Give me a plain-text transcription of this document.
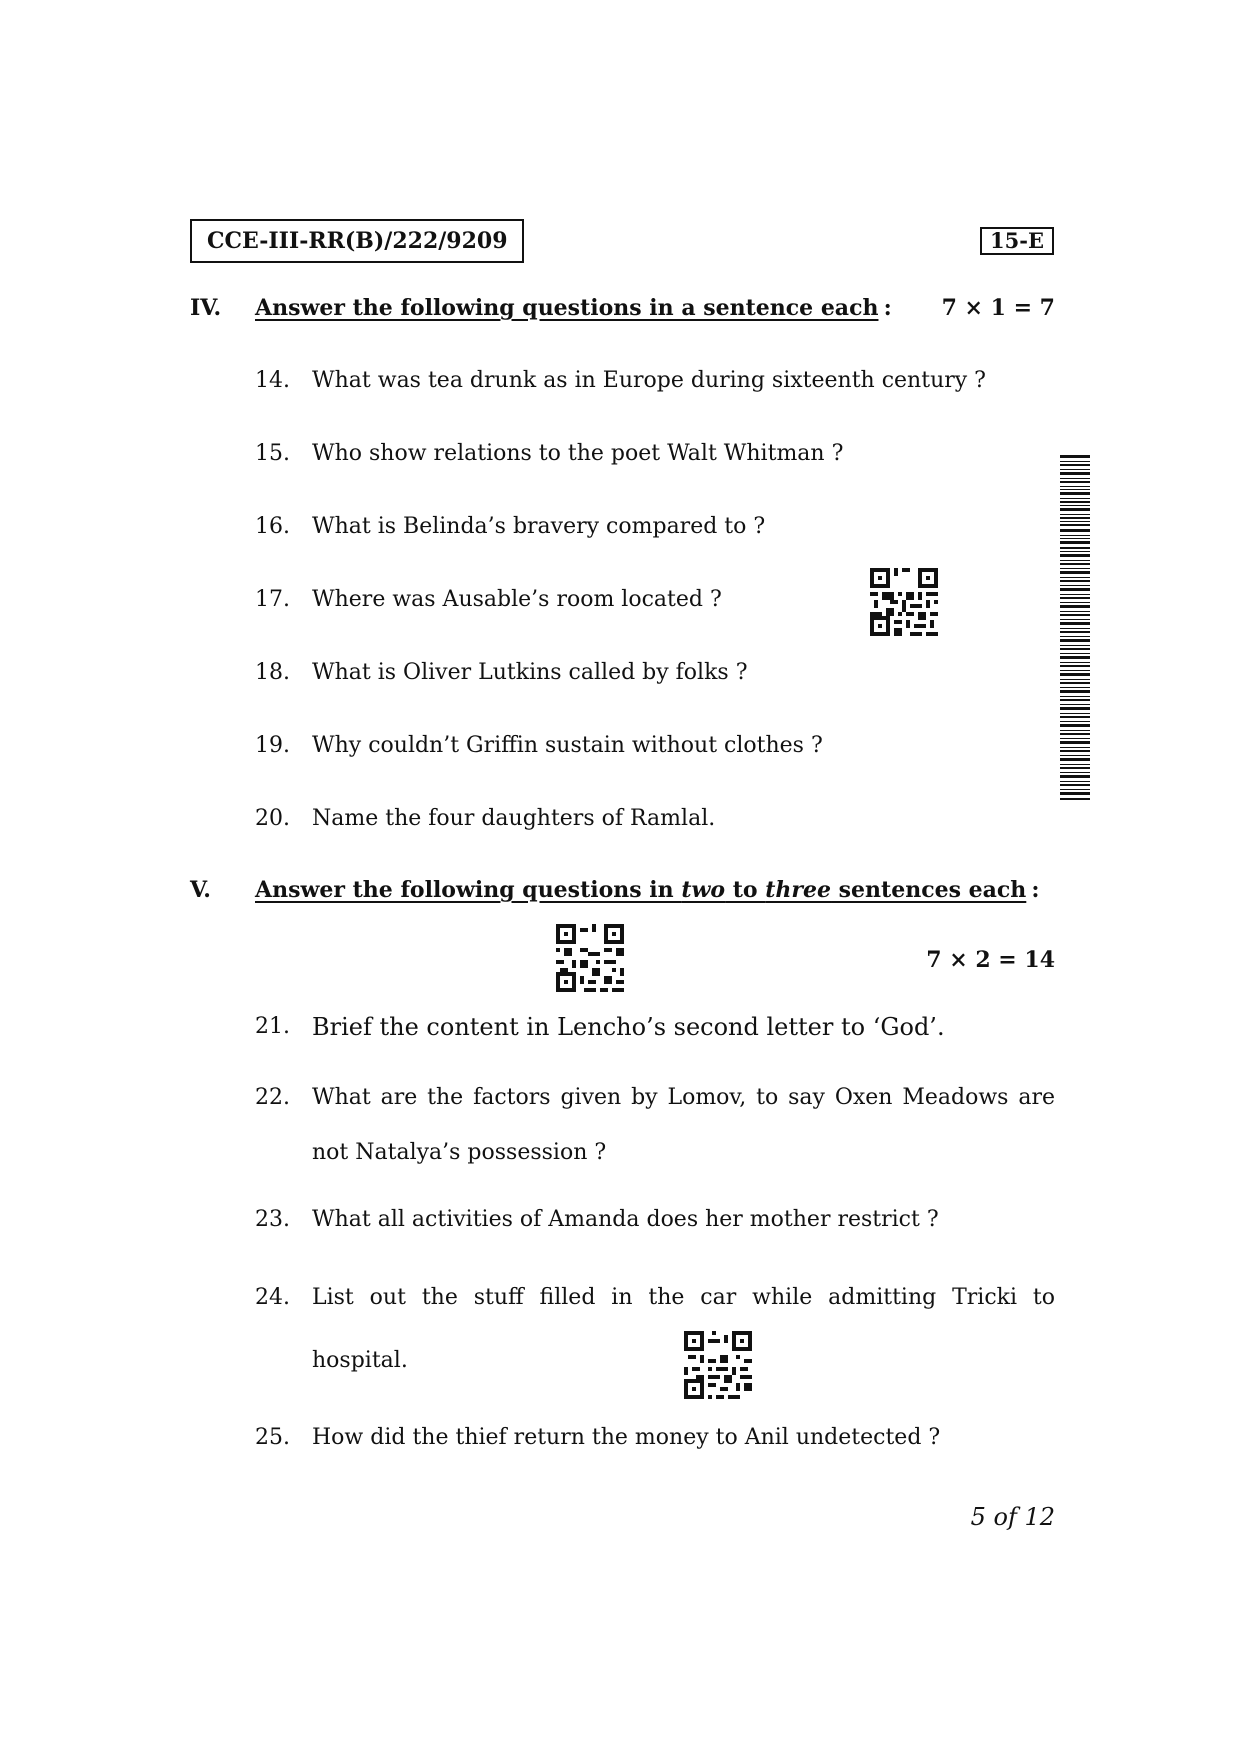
CCE-III-RR(B)/222/9209	15-E
IV. Answer the following questions in a sentence each :	7 × 1 = 7
14.	What was tea drunk as in Europe during sixteenth century ?
15.	Who show relations to the poet Walt Whitman ?
16.	What is Belinda’s bravery compared to ?
17.	Where was Ausable’s room located ?
18.	What is Oliver Lutkins called by folks ?
19.	Why couldn’t Griffin sustain without clothes ?
20.	Name the four daughters of Ramlal.
V. Answer the following questions in two to three sentences each :
7 × 2 = 14
21. Brief the content in Lencho’s second letter to ‘God’.
22.	What are the factors given by Lomov, to say Oxen Meadows are
not Natalya’s possession ?
23.	What all activities of Amanda does her mother restrict ?
24.	List out the stuff filled in the car while admitting Tricki to
hospital.
25.	How did the thief return the money to Anil undetected ?
5 of 12
